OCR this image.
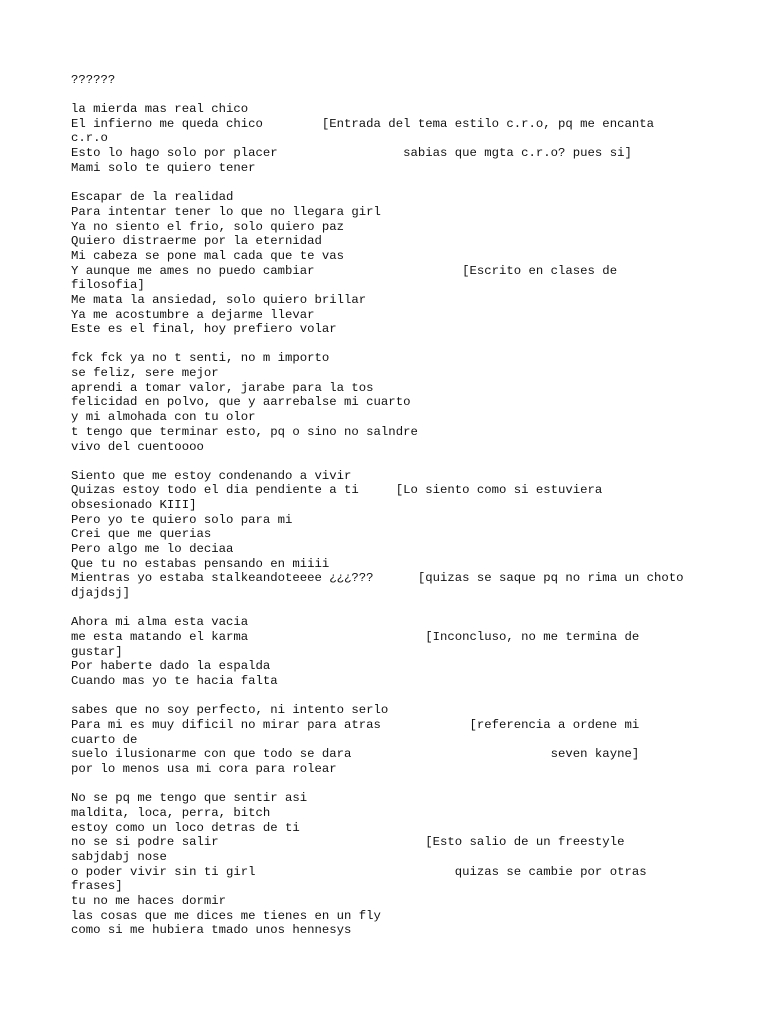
??????

la mierda mas real chico

El infierno me queda chico        [Entrada del tema estilo c.r.o, pq me encanta

c.r.o

Esto lo hago solo por placer                 sabias que mgta c.r.o? pues si]

Mami solo te quiero tener

Escapar de la realidad

Para intentar tener lo que no llegara girl

Ya no siento el frio, solo quiero paz

Quiero distraerme por la eternidad

Mi cabeza se pone mal cada que te vas

Y aunque me ames no puedo cambiar                    [Escrito en clases de

filosofia]

Me mata la ansiedad, solo quiero brillar

Ya me acostumbre a dejarme llevar

Este es el final, hoy prefiero volar

fck fck ya no t senti, no m importo

se feliz, sere mejor

aprendi a tomar valor, jarabe para la tos

felicidad en polvo, que y aarrebalse mi cuarto

y mi almohada con tu olor

t tengo que terminar esto, pq o sino no salndre

vivo del cuentoooo

Siento que me estoy condenando a vivir

Quizas estoy todo el dia pendiente a ti     [Lo siento como si estuviera

obsesionado KIII]

Pero yo te quiero solo para mi

Crei que me querias

Pero algo me lo deciaa

Que tu no estabas pensando en miiii

Mientras yo estaba stalkeandoteeee ¿¿¿???      [quizas se saque pq no rima un choto

djajdsj]

Ahora mi alma esta vacia

me esta matando el karma                        [Inconcluso, no me termina de

gustar]

Por haberte dado la espalda

Cuando mas yo te hacia falta

sabes que no soy perfecto, ni intento serlo

Para mi es muy dificil no mirar para atras            [referencia a ordene mi

cuarto de

suelo ilusionarme con que todo se dara                           seven kayne]

por lo menos usa mi cora para rolear

No se pq me tengo que sentir asi

maldita, loca, perra, bitch

estoy como un loco detras de ti

no se si podre salir                            [Esto salio de un freestyle

sabjdabj nose

o poder vivir sin ti girl                           quizas se cambie por otras

frases]

tu no me haces dormir

las cosas que me dices me tienes en un fly

como si me hubiera tmado unos hennesys
